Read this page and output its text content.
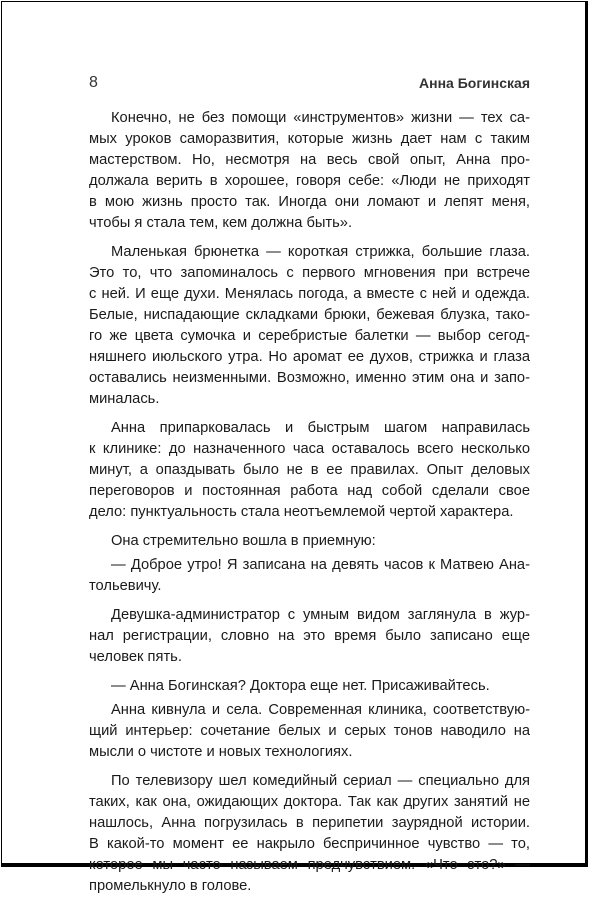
8	Анна Богинская
Конечно, не без помощи «инструментов» жизни — тех са-
мых уроков саморазвития, которые жизнь дает нам с таким
мастерством. Но, несмотря на весь свой опыт, Анна про-
должала верить в хорошее, говоря себе: «Люди не приходят
в мою жизнь просто так. Иногда они ломают и лепят меня,
чтобы я стала тем, кем должна быть».
Маленькая брюнетка — короткая стрижка, большие глаза.
Это то, что запоминалось с первого мгновения при встрече
с ней. И еще духи. Менялась погода, а вместе с ней и одежда.
Белые, ниспадающие складками брюки, бежевая блузка, тако-
го же цвета сумочка и серебристые балетки — выбор сегод-
няшнего июльского утра. Но аромат ее духов, стрижка и глаза
оставались неизменными. Возможно, именно этим она и запо-
миналась.
Анна припарковалась и быстрым шагом направилась
к клинике: до назначенного часа оставалось всего несколько
минут, а опаздывать было не в ее правилах. Опыт деловых
переговоров и постоянная работа над собой сделали свое
дело: пунктуальность стала неотъемлемой чертой характера.
Она стремительно вошла в приемную:
— Доброе утро! Я записана на девять часов к Матвею Ана-
тольевичу.
Девушка-администратор с умным видом заглянула в жур-
нал регистрации, словно на это время было записано еще
человек пять.
— Анна Богинская? Доктора еще нет. Присаживайтесь.
Анна кивнула и села. Современная клиника, соответствую-
щий интерьер: сочетание белых и серых тонов наводило на
мысли о чистоте и новых технологиях.
По телевизору шел комедийный сериал — специально для
таких, как она, ожидающих доктора. Так как других занятий не
нашлось, Анна погрузилась в перипетии заурядной истории.
В какой-то момент ее накрыло беспричинное чувство — то,
которое мы часто называем предчувствием. «Что это?» —
промелькнуло в голове.
